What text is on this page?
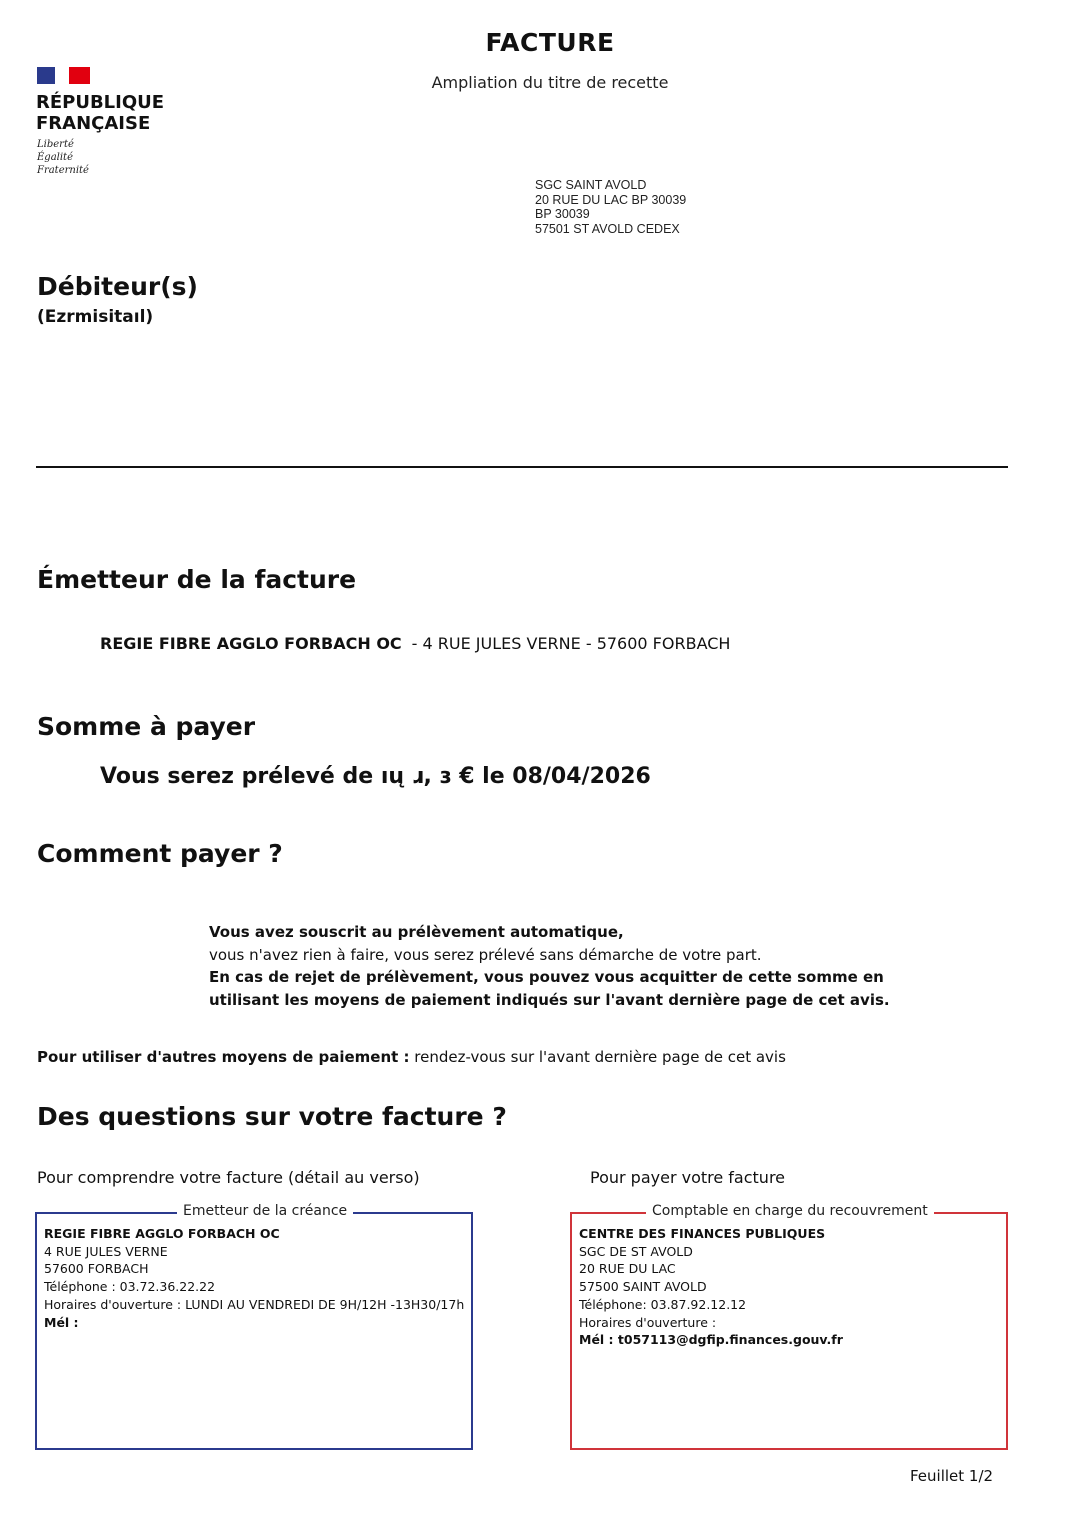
FACTURE
Ampliation du titre de recette
RÉPUBLIQUE
FRANÇAISE
Liberté
Égalité
Fraternité
SGC SAINT AVOLD
20 RUE DU LAC BP 30039
BP 30039
57501 ST AVOLD CEDEX
Débiteur(s)
(Ezrmisitaıl)
Émetteur de la facture
REGIE FIBRE AGGLO FORBACH OC - 4 RUE JULES VERNE - 57600 FORBACH
Somme à payer
Vous serez prélevé de ıų ɹ, ɜ € le 08/04/2026
Comment payer ?
Vous avez souscrit au prélèvement automatique,
vous n'avez rien à faire, vous serez prélevé sans démarche de votre part.
En cas de rejet de prélèvement, vous pouvez vous acquitter de cette somme en
utilisant les moyens de paiement indiqués sur l'avant dernière page de cet avis.
Pour utiliser d'autres moyens de paiement : rendez-vous sur l'avant dernière page de cet avis
Des questions sur votre facture ?
Pour comprendre votre facture (détail au verso)	Pour payer votre facture
Emetteur de la créance
REGIE FIBRE AGGLO FORBACH OC
4 RUE JULES VERNE
57600 FORBACH
Téléphone : 03.72.36.22.22
Horaires d'ouverture : LUNDI AU VENDREDI DE 9H/12H -13H30/17h
Mél :
Comptable en charge du recouvrement
CENTRE DES FINANCES PUBLIQUES
SGC DE ST AVOLD
20 RUE DU LAC
57500 SAINT AVOLD
Téléphone: 03.87.92.12.12
Horaires d'ouverture :
Mél : t057113@dgfip.finances.gouv.fr
Feuillet 1/2
